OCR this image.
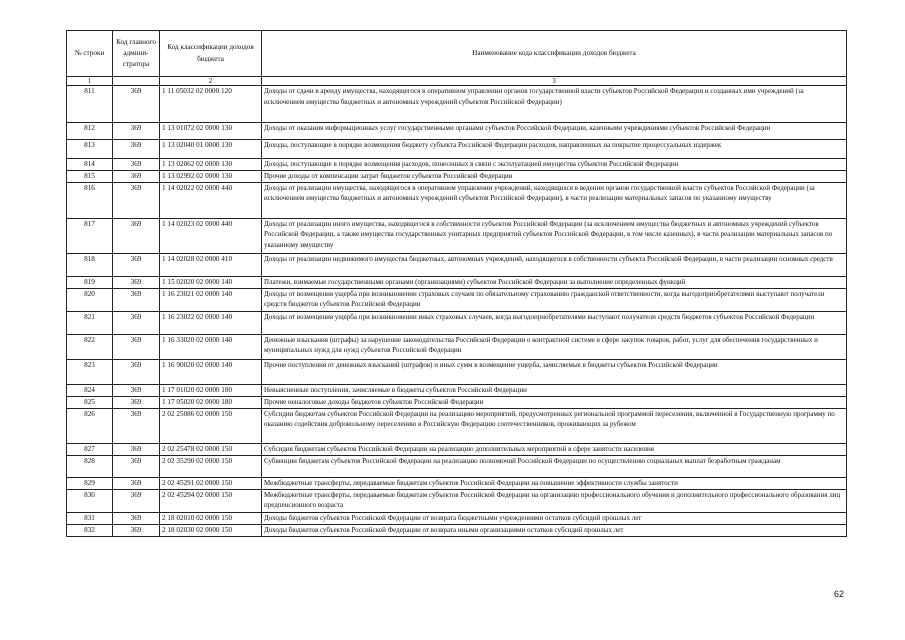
№ строки	Код главного админи-стратора	Код классификации доходов бюджета	Наименование кода классификации доходов бюджета
1		2	3
811	369	1 11 05032 02 0000 120	Доходы от сдачи в аренду имущества, находящегося в оперативном управлении органов государственной власти субъектов Российской Федерации и созданных ими учреждений (за исключением имущества бюджетных и автономных учреждений субъектов Российской Федерации)
812	369	1 13 01072 02 0000 130	Доходы от оказания информационных услуг государственными органами субъектов Российской Федерации, казенными учреждениями субъектов Российской Федерации
813	369	1 13 02040 01 0000 130	Доходы, поступающие в порядке возмещения бюджету субъекта Российской Федерации расходов, направленных на покрытие процессуальных издержек
814	369	1 13 02062 02 0000 130	Доходы, поступающие в порядке возмещения расходов, понесенных в связи с эксплуатацией имущества субъектов Российской Федерации
815	369	1 13 02992 02 0000 130	Прочие доходы от компенсации затрат бюджетов субъектов Российской Федерации
816	369	1 14 02022 02 0000 440	Доходы от реализации имущества, находящегося в оперативном управлении учреждений, находящихся в ведении органов государственной власти субъектов Российской Федерации (за исключением имущества бюджетных и автономных учреждений субъектов Российской Федерации), в части реализации материальных запасов по указанному имуществу
817	369	1 14 02023 02 0000 440	Доходы от реализации иного имущества, находящегося в собственности субъектов Российской Федерации (за исключением имущества бюджетных и автономных учреждений субъектов Российской Федерации, а также имущества государственных унитарных предприятий субъектов Российской Федерации, в том числе казенных), в части реализации материальных запасов по указанному имуществу
818	369	1 14 02028 02 0000 410	Доходы от реализации недвижимого имущества бюджетных, автономных учреждений, находящегося в собственности субъекта Российской Федерации, в части реализации основных средств
819	369	1 15 02020 02 0000 140	Платежи, взимаемые государственными органами (организациями) субъектов Российской Федерации за выполнение определенных функций
820	369	1 16 23021 02 0000 140	Доходы от возмещения ущерба при возникновении страховых случаев по обязательному страхованию гражданской ответственности, когда выгодоприобретателями выступают получатели средств бюджетов субъектов Российской Федерации
821	369	1 16 23022 02 0000 140	Доходы от возмещения ущерба при возникновении иных страховых случаев, когда выгодоприобретателями выступают получатели средств бюджетов субъектов Российской Федерации
822	369	1 16 33020 02 0000 140	Денежные взыскания (штрафы) за нарушение законодательства Российской Федерации о контрактной системе в сфере закупок товаров, работ, услуг для обеспечения государственных и муниципальных нужд для нужд субъектов Российской Федерации
823	369	1 16 90020 02 0000 140	Прочие поступления от денежных взысканий (штрафов) и иных сумм в возмещение ущерба, зачисляемые в бюджеты субъектов Российской Федерации
824	369	1 17 01020 02 0000 180	Невыясненные поступления, зачисляемые в бюджеты субъектов Российской Федерации
825	369	1 17 05020 02 0000 180	Прочие неналоговые доходы бюджетов субъектов Российской Федерации
826	369	2 02 25086 02 0000 150	Субсидии бюджетам субъектов Российской Федерации на реализацию мероприятий, предусмотренных региональной программой переселения, включенной в Государственную программу по оказанию содействия добровольному переселению в Российскую Федерацию соотечественников, проживающих за рубежом
827	369	2 02 25478 02 0000 150	Субсидия бюджетам субъектов Российской Федерации на реализацию дополнительных мероприятий в сфере занятости населения
828	369	2 02 35290 02 0000 150	Субвенции бюджетам субъектов Российской Федерации на реализацию полномочий Российской Федерации по осуществлению социальных выплат безработным гражданам
829	369	2 02 45291 02 0000 150	Межбюджетные трансферты, передаваемые бюджетам субъектов Российской Федерации на повышение эффективности службы занятости
830	369	2 02 45294 02 0000 150	Межбюджетные трансферты, передаваемые бюджетам субъектов Российской Федерации на организацию профессионального обучения и дополнительного профессионального образования лиц предпенсионного возраста
831	369	2 18 02010 02 0000 150	Доходы бюджетов субъектов Российской Федерации от возврата бюджетными учреждениями остатков субсидий прошлых лет
832	369	2 18 02030 02 0000 150	Доходы бюджетов субъектов Российской Федерации от возврата иными организациями остатков субсидий прошлых лет
62
